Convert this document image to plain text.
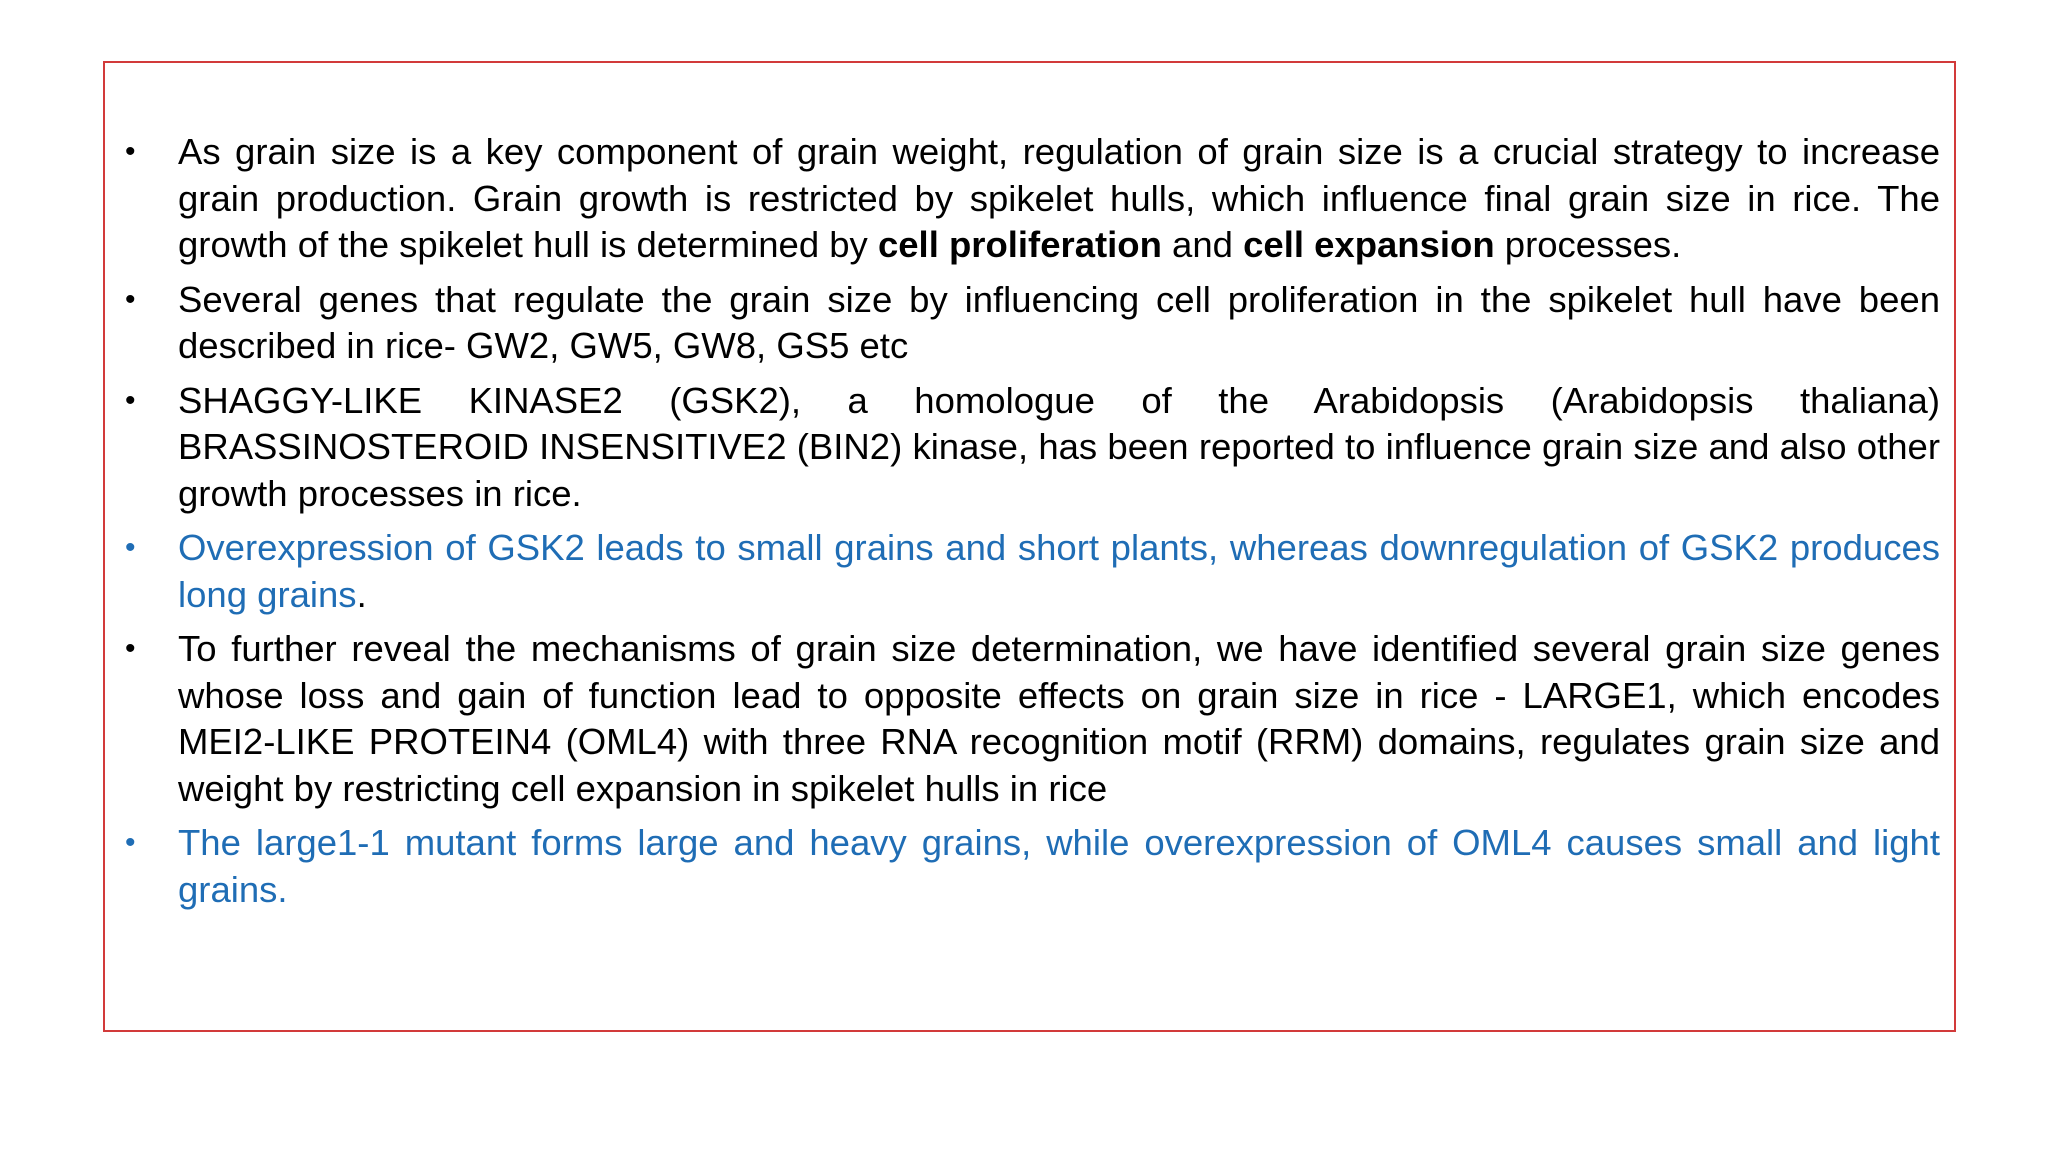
• As grain size is a key component of grain weight, regulation of grain size is a crucial strategy to increase grain production. Grain growth is restricted by spikelet hulls, which influence final grain size in rice. The growth of the spikelet hull is determined by cell proliferation and cell expansion processes.
• Several genes that regulate the grain size by influencing cell proliferation in the spikelet hull have been described in rice- GW2, GW5, GW8, GS5 etc
• SHAGGY-LIKE KINASE2 (GSK2), a homologue of the Arabidopsis (Arabidopsis thaliana) BRASSINOSTEROID INSENSITIVE2 (BIN2) kinase, has been reported to influence grain size and also other growth processes in rice.
• Overexpression of GSK2 leads to small grains and short plants, whereas downregulation of GSK2 produces long grains.
• To further reveal the mechanisms of grain size determination, we have identified several grain size genes whose loss and gain of function lead to opposite effects on grain size in rice - LARGE1, which encodes MEI2-LIKE PROTEIN4 (OML4) with three RNA recognition motif (RRM) domains, regulates grain size and weight by restricting cell expansion in spikelet hulls in rice
• The large1-1 mutant forms large and heavy grains, while overexpression of OML4 causes small and light grains.
